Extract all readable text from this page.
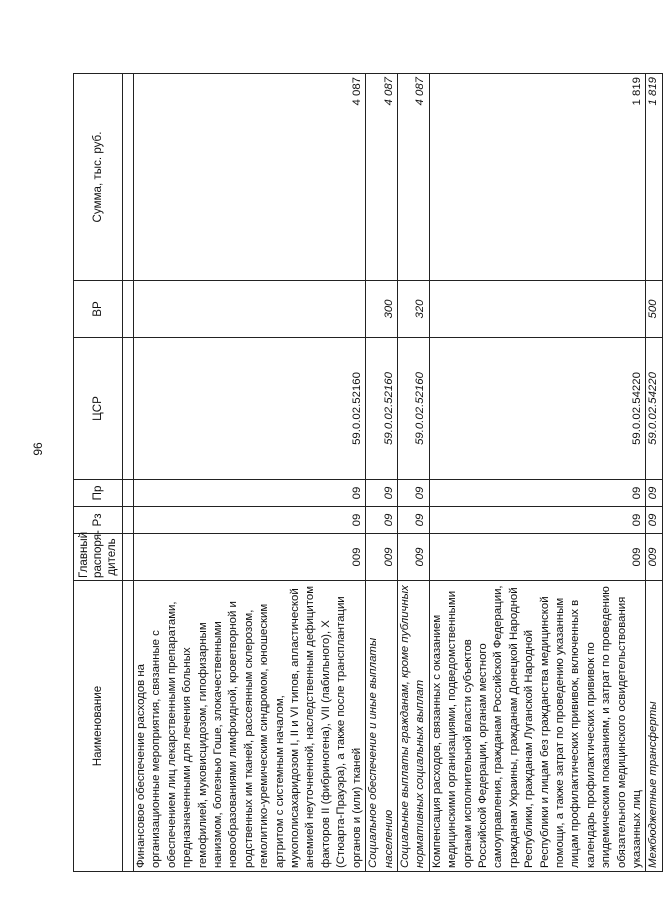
96
Наименование	Главный распоря-дитель	Рз	Пр	ЦСР	ВР	Сумма, тыс. руб.

Финансовое обеспечение расходов на организационные мероприятия, связанные с обеспечением лиц лекарственными препаратами, предназначенными для лечения больных гемофилией, муковисцидозом, гипофизарным нанизмом, болезнью Гоше, злокачественными новообразованиями лимфоидной, кроветворной и родственных им тканей, рассеянным склерозом, гемолитико-уремическим синдромом, юношеским артритом с системным началом, мукополисахаридозом I, II и VI типов, апластической анемией неуточненной, наследственным дефицитом факторов II (фибриногена), VII (лабильного), X (Стюарта-Прауэра), а также после трансплантации органов и (или) тканей	009	09	09	59.0.02.52160		4 087
Социальное обеспечение и иные выплаты населению	009	09	09	59.0.02.52160	300	4 087
Социальные выплаты гражданам, кроме публичных нормативных социальных выплат	009	09	09	59.0.02.52160	320	4 087
Компенсация расходов, связанных с оказанием медицинскими организациями, подведомственными органам исполнительной власти субъектов Российской Федерации, органам местного самоуправления, гражданам Российской Федерации, гражданам Украины, гражданам Донецкой Народной Республики, гражданам Луганской Народной Республики и лицам без гражданства медицинской помощи, а также затрат по проведению указанным лицам профилактических прививок, включенных в календарь профилактических прививок по эпидемическим показаниям, и затрат по проведению обязательного медицинского освидетельствования указанных лиц	009	09	09	59.0.02.54220		1 819
Межбюджетные трансферты	009	09	09	59.0.02.54220	500	1 819
